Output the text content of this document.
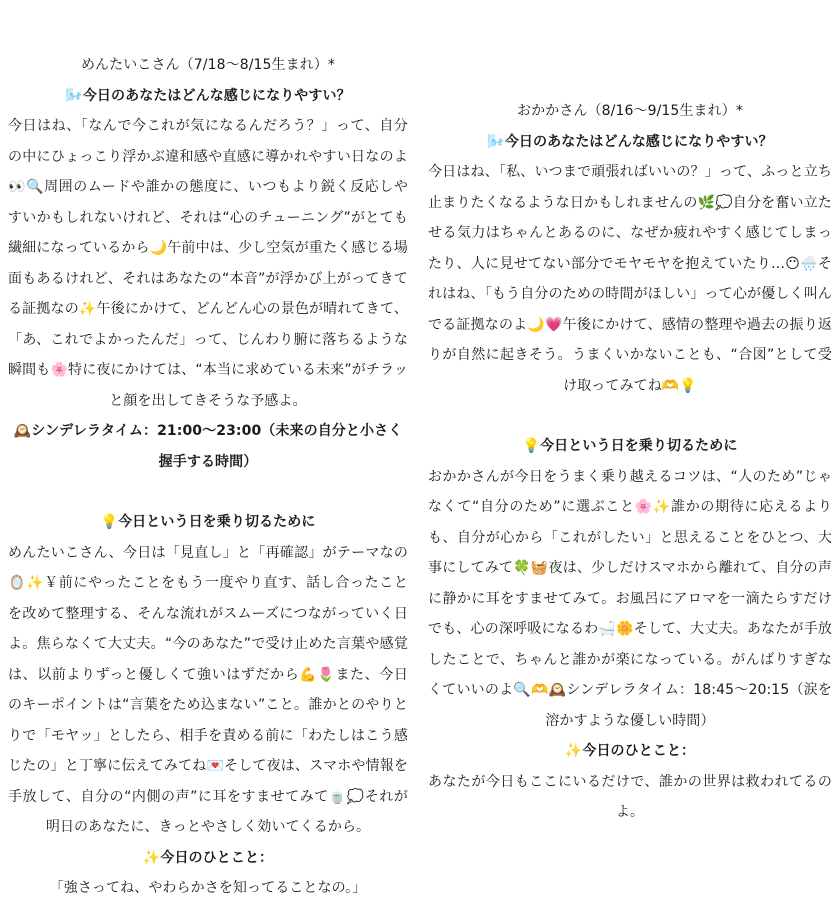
めんたいこさん（7/18〜8/15生まれ）*

🌬️今日のあなたはどんな感じになりやすい？

今日はね、「なんで今これが気になるんだろう？」って、自分の中にひょっこり浮かぶ違和感や直感に導かれやすい日なのよ👀🔍周囲のムードや誰かの態度に、いつもより鋭く反応しやすいかもしれないけれど、それは“心のチューニング”がとても繊細になっているから🌙午前中は、少し空気が重たく感じる場面もあるけれど、それはあなたの“本音”が浮かび上がってきてる証拠なの✨午後にかけて、どんどん心の景色が晴れてきて、「あ、これでよかったんだ」って、じんわり腑に落ちるような瞬間も🌸特に夜にかけては、“本当に求めている未来”がチラッと顔を出してきそうな予感よ。

🕰️シンデレラタイム：21:00〜23:00（未来の自分と小さく握手する時間）

💡今日という日を乗り切るために

めんたいこさん、今日は「見直し」と「再確認」がテーマなの🪞✨￥前にやったことをもう一度やり直す、話し合ったことを改めて整理する、そんな流れがスムーズにつながっていく日よ。焦らなくて大丈夫。“今のあなた”で受け止めた言葉や感覚は、以前よりずっと優しくて強いはずだから💪🌷また、今日のキーポイントは“言葉をため込まない”こと。誰かとのやりとりで「モヤッ」としたら、相手を責める前に「わたしはこう感じたの」と丁寧に伝えてみてね💌そして夜は、スマホや情報を手放して、自分の“内側の声”に耳をすませてみて🍵💭それが明日のあなたに、きっとやさしく効いてくるから。

✨今日のひとこと：

「強さってね、やわらかさを知ってることなの。」

おかかさん（8/16〜9/15生まれ）*

🌬️今日のあなたはどんな感じになりやすい？

今日はね、「私、いつまで頑張ればいいの？」って、ふっと立ち止まりたくなるような日かもしれませんの🌿💭自分を奮い立たせる気力はちゃんとあるのに、なぜか疲れやすく感じてしまったり、人に見せてない部分でモヤモヤを抱えていたり…😶🌧️それはね、「もう自分のための時間がほしい」って心が優しく叫んでる証拠なのよ🌙💗午後にかけて、感情の整理や過去の振り返りが自然に起きそう。うまくいかないことも、“合図”として受け取ってみてね🫶💡

💡今日という日を乗り切るために

おかかさんが今日をうまく乗り越えるコツは、“人のため”じゃなくて“自分のため”に選ぶこと🌸✨誰かの期待に応えるよりも、自分が心から「これがしたい」と思えることをひとつ、大事にしてみて🍀🧺夜は、少しだけスマホから離れて、自分の声に静かに耳をすませてみて。お風呂にアロマを一滴たらすだけでも、心の深呼吸になるわ🛁🌼そして、大丈夫。あなたが手放したことで、ちゃんと誰かが楽になっている。がんばりすぎなくていいのよ🔍🫶🕰️シンデレラタイム：18:45〜20:15（涙を溶かすような優しい時間）

✨今日のひとこと：

あなたが今日もここにいるだけで、誰かの世界は救われてるのよ。
